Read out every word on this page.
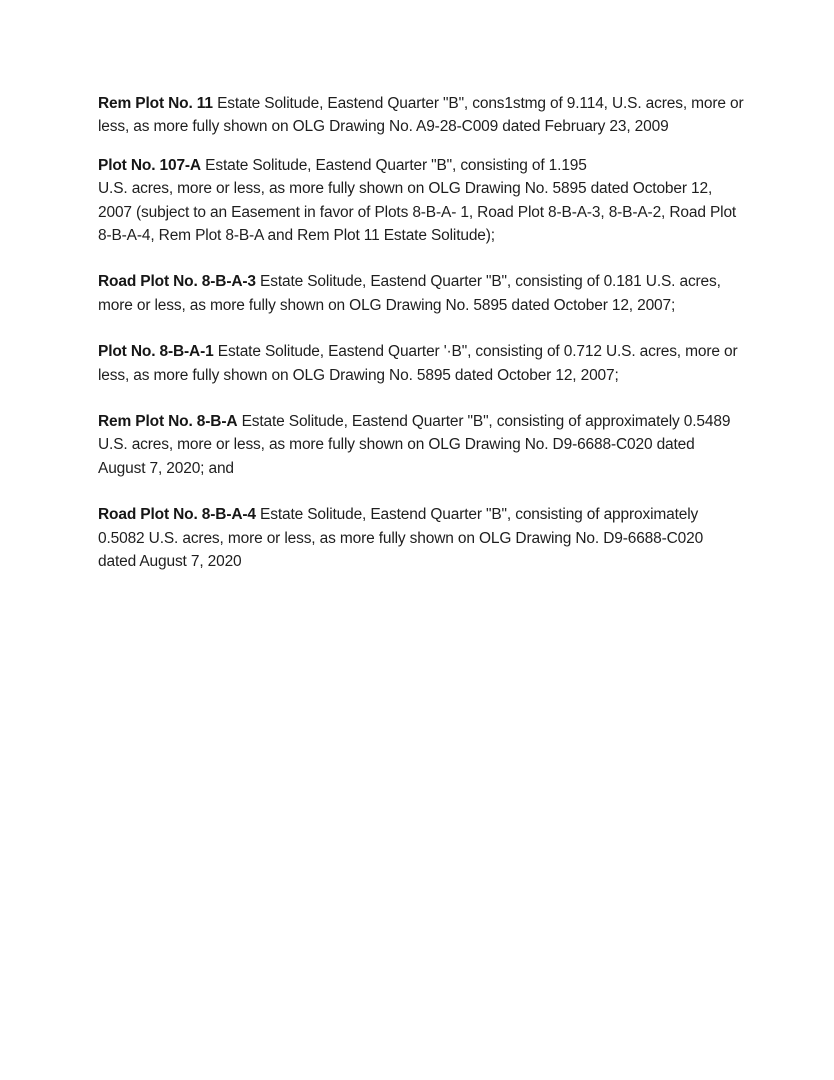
Rem Plot No. 11 Estate Solitude, Eastend Quarter "B", cons1stmg of 9.114, U.S. acres, more or less, as more fully shown on OLG Drawing No. A9-28-C009 dated February 23, 2009

Plot No. 107-A Estate Solitude, Eastend Quarter "B", consisting of 1.195
U.S. acres, more or less, as more fully shown on OLG Drawing No. 5895 dated October 12, 2007 (subject to an Easement in favor of Plots 8-B-A- 1, Road Plot 8-B-A-3, 8-B-A-2, Road Plot 8-B-A-4, Rem Plot 8-B-A and Rem Plot 11 Estate Solitude);

Road Plot No. 8-B-A-3 Estate Solitude, Eastend Quarter "B", consisting of 0.181 U.S. acres, more or less, as more fully shown on OLG Drawing No. 5895 dated October 12, 2007;

Plot No. 8-B-A-1 Estate Solitude, Eastend Quarter '·B", consisting of 0.712 U.S. acres, more or less, as more fully shown on OLG Drawing No. 5895 dated October 12, 2007;

Rem Plot No. 8-B-A Estate Solitude, Eastend Quarter "B", consisting of approximately 0.5489 U.S. acres, more or less, as more fully shown on OLG Drawing No. D9-6688-C020 dated August 7, 2020; and

Road Plot No. 8-B-A-4 Estate Solitude, Eastend Quarter "B", consisting of approximately 0.5082 U.S. acres, more or less, as more fully shown on OLG Drawing No. D9-6688-C020 dated August 7, 2020
